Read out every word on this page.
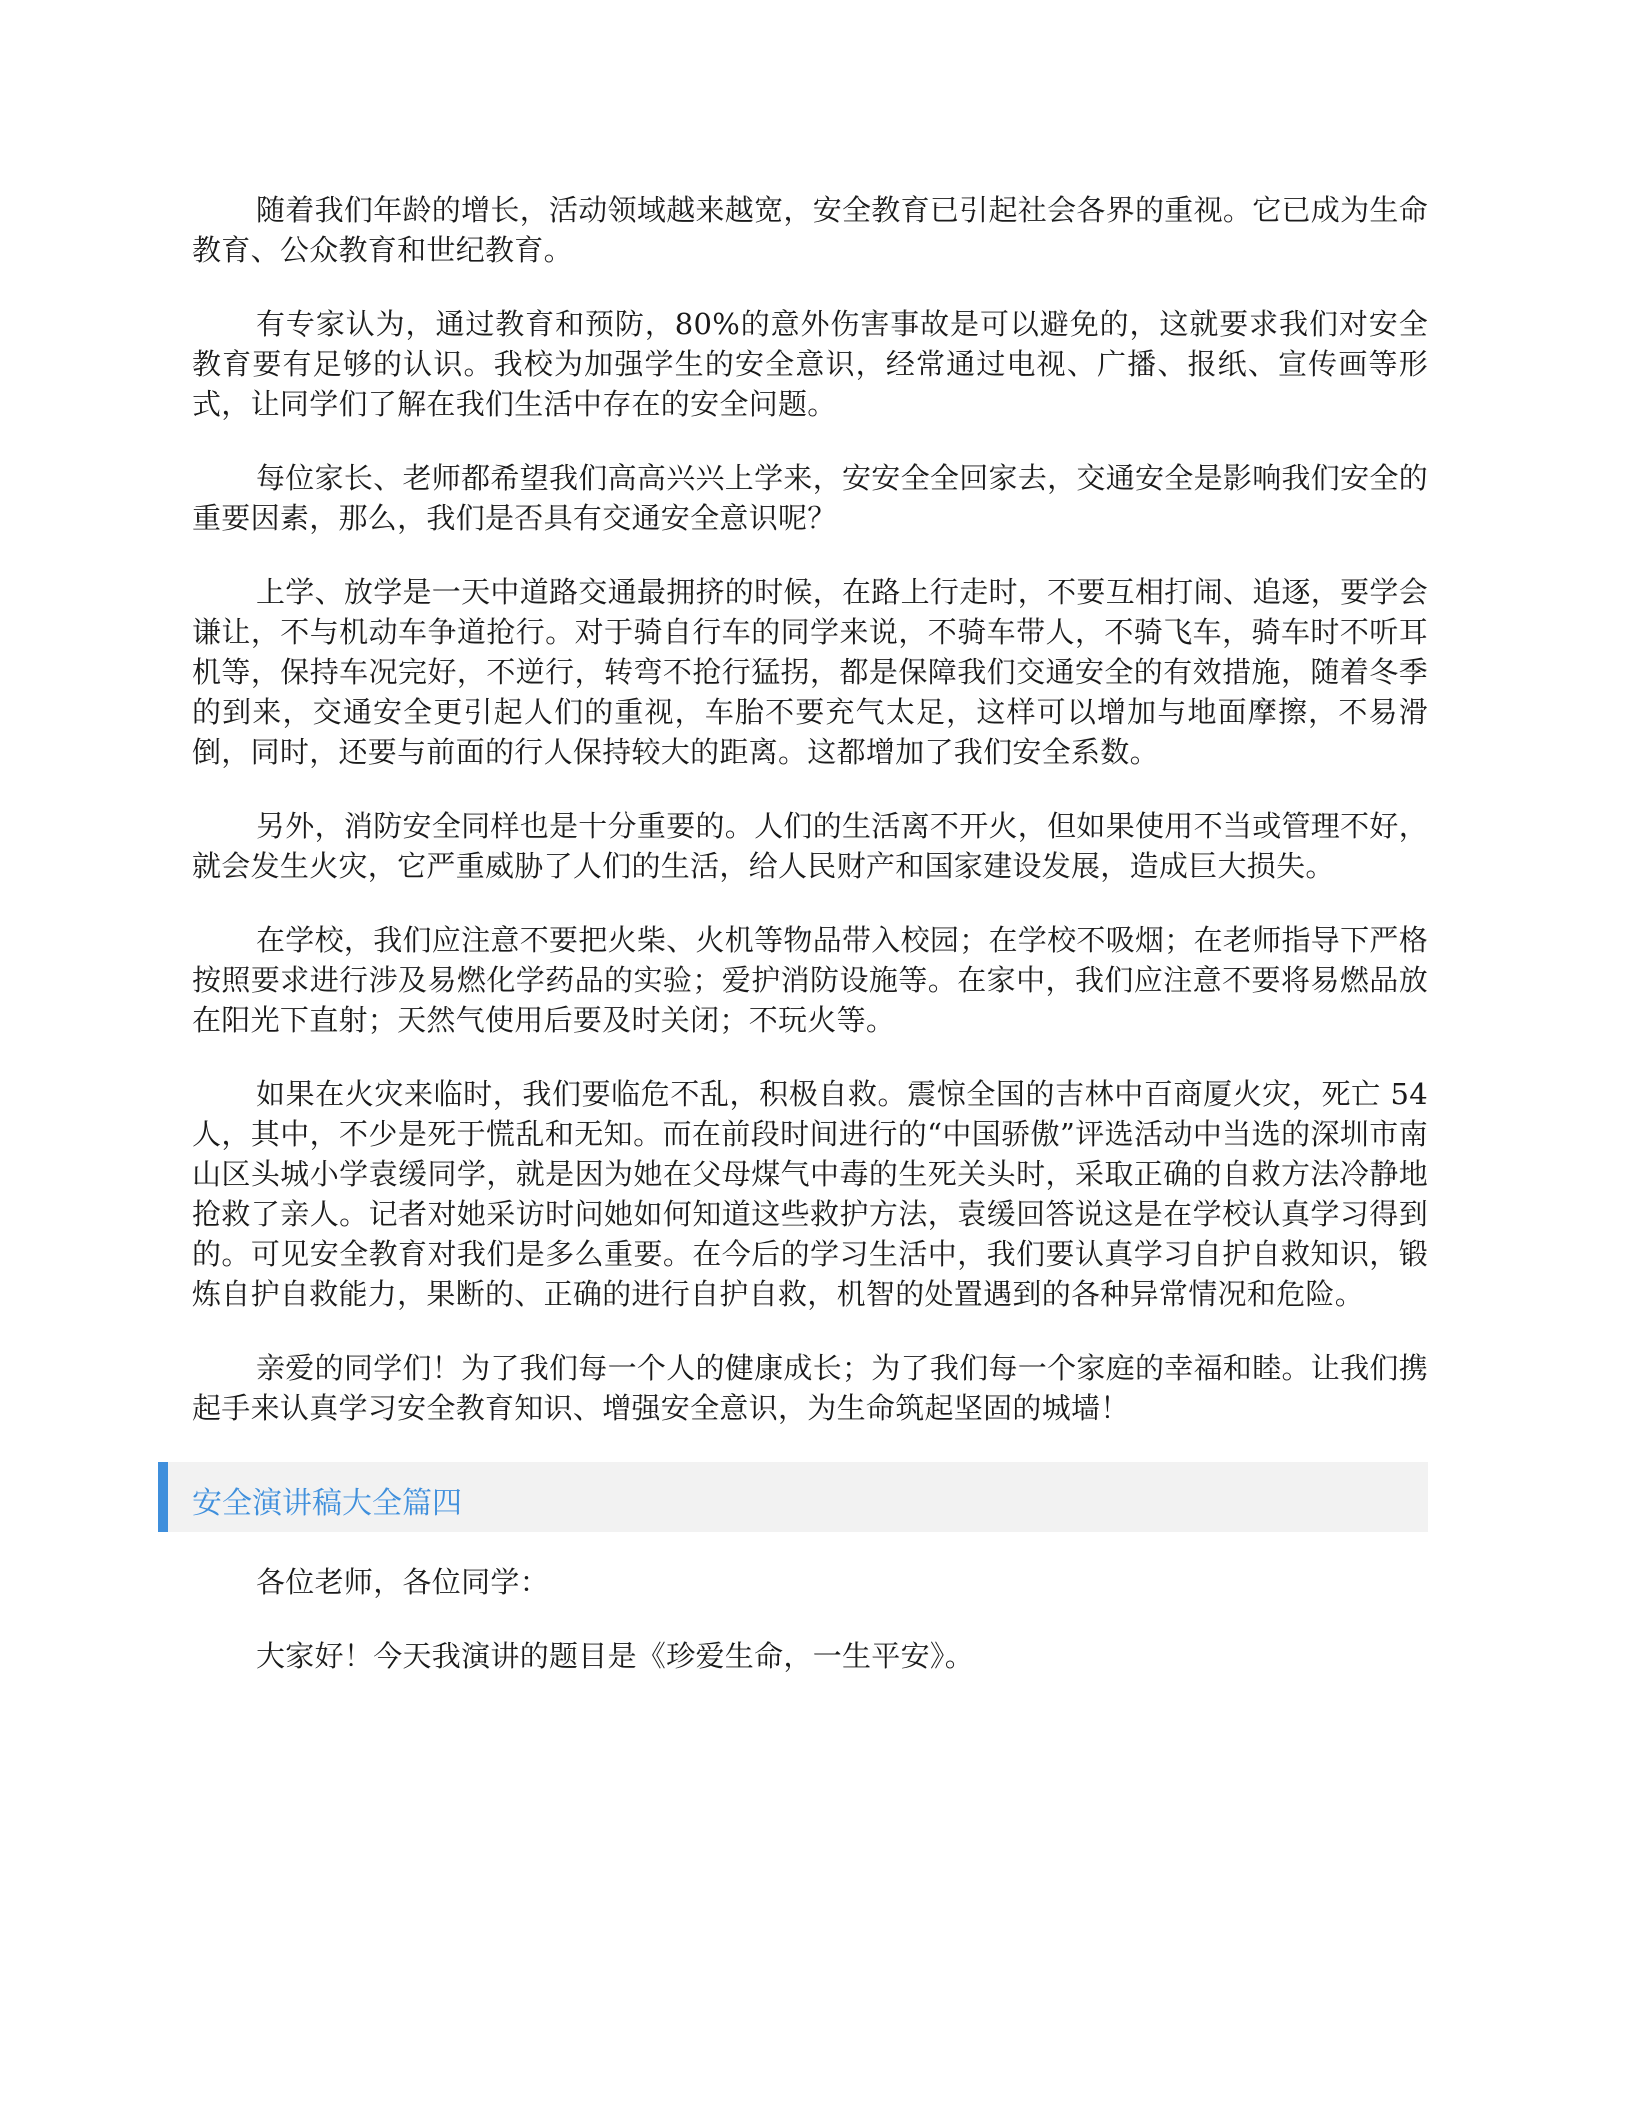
随着我们年龄的增长，活动领域越来越宽，安全教育已引起社会各界的重视。它已成为生命教育、公众教育和世纪教育。

有专家认为，通过教育和预防，80%的意外伤害事故是可以避免的，这就要求我们对安全教育要有足够的认识。我校为加强学生的安全意识，经常通过电视、广播、报纸、宣传画等形式，让同学们了解在我们生活中存在的安全问题。

每位家长、老师都希望我们高高兴兴上学来，安安全全回家去，交通安全是影响我们安全的重要因素，那么，我们是否具有交通安全意识呢？

上学、放学是一天中道路交通最拥挤的时候，在路上行走时，不要互相打闹、追逐，要学会谦让，不与机动车争道抢行。对于骑自行车的同学来说，不骑车带人，不骑飞车，骑车时不听耳机等，保持车况完好，不逆行，转弯不抢行猛拐，都是保障我们交通安全的有效措施，随着冬季的到来，交通安全更引起人们的重视，车胎不要充气太足，这样可以增加与地面摩擦，不易滑倒，同时，还要与前面的行人保持较大的距离。这都增加了我们安全系数。

另外，消防安全同样也是十分重要的。人们的生活离不开火，但如果使用不当或管理不好，就会发生火灾，它严重威胁了人们的生活，给人民财产和国家建设发展，造成巨大损失。

在学校，我们应注意不要把火柴、火机等物品带入校园；在学校不吸烟；在老师指导下严格按照要求进行涉及易燃化学药品的实验；爱护消防设施等。在家中，我们应注意不要将易燃品放在阳光下直射；天然气使用后要及时关闭；不玩火等。

如果在火灾来临时，我们要临危不乱，积极自救。震惊全国的吉林中百商厦火灾，死亡 54 人，其中，不少是死于慌乱和无知。而在前段时间进行的“中国骄傲”评选活动中当选的深圳市南山区头城小学袁缓同学，就是因为她在父母煤气中毒的生死关头时，采取正确的自救方法冷静地抢救了亲人。记者对她采访时问她如何知道这些救护方法，袁缓回答说这是在学校认真学习得到的。可见安全教育对我们是多么重要。在今后的学习生活中，我们要认真学习自护自救知识，锻炼自护自救能力，果断的、正确的进行自护自救，机智的处置遇到的各种异常情况和危险。

亲爱的同学们！为了我们每一个人的健康成长；为了我们每一个家庭的幸福和睦。让我们携起手来认真学习安全教育知识、增强安全意识，为生命筑起坚固的城墙！

安全演讲稿大全篇四

各位老师，各位同学：

大家好！今天我演讲的题目是《珍爱生命，一生平安》。
